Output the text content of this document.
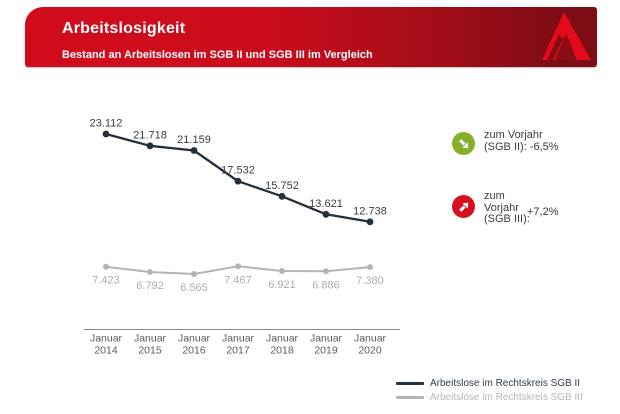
Arbeitslosigkeit
Bestand an Arbeitslosen im SGB II und SGB III im Vergleich
Januar 2014
Januar 2015
Januar 2016
Januar 2017
Januar 2018
Januar 2019
Januar 2020
23.112
21.718 21.159
17.532
15.752
13.621
12.738
7.423 6.792 6.565
7.467 6.921 6.886 7.380
zum Vorjahr
(SGB II): -6,5%
zum
Vorjahr
(SGB III):
+7,2%
Arbeitslose im Rechtskreis SGB II
Arbeitslose im Rechtskreis SGB III
